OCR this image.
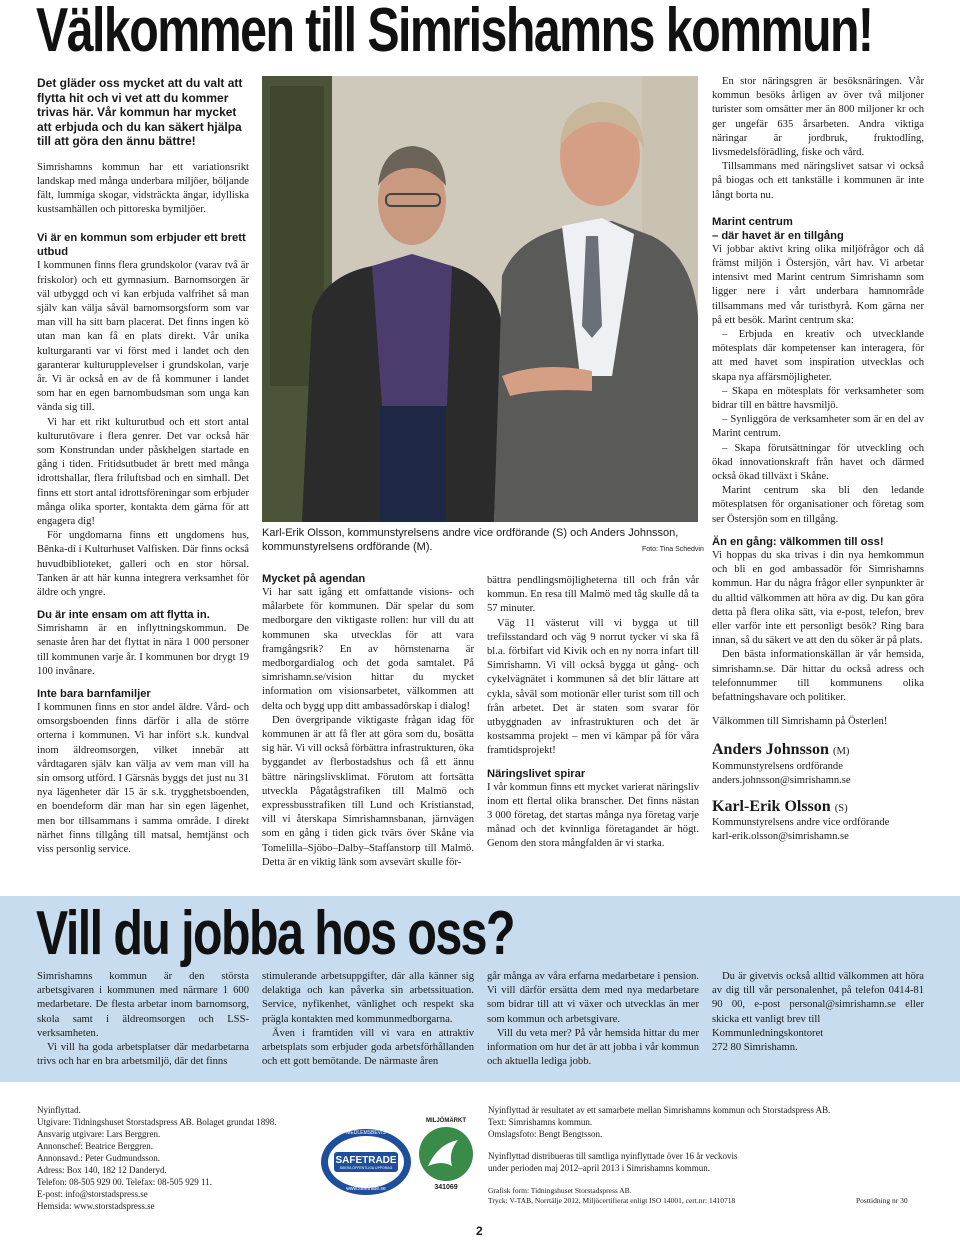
Välkommen till Simrishamns kommun!
Det gläder oss mycket att du valt att flytta hit och vi vet att du kommer trivas här. Vår kommun har mycket att erbjuda och du kan säkert hjälpa till att göra den ännu bättre!

Simrishamns kommun har ett variationsrikt landskap med många underbara miljöer, böljande fält, lummiga skogar, vidsträckta ängar, idylliska kustsamhällen och pittoreska bymiljöer.

Vi är en kommun som erbjuder ett brett utbud

I kommunen finns flera grundskolor (varav två är friskolor) och ett gymnasium. Barnomsorgen är väl utbyggd och vi kan erbjuda valfrihet så man själv kan välja såväl barnomsorgsform som var man vill ha sitt barn placerat. Det finns ingen kö utan man kan få en plats direkt. Vår unika kulturgaranti var vi först med i landet och den garanterar kulturupplevelser i grundskolan, varje år. Vi är också en av de få kommuner i landet som har en egen barnombudsman som unga kan vända sig till.

Vi har ett rikt kulturutbud och ett stort antal kulturutövare i flera genrer. Det var också här som Konstrundan under påskhelgen startade en gång i tiden. Fritidsutbudet är brett med många idrottshallar, flera friluftsbad och en simhall. Det finns ett stort antal idrottsföreningar som erbjuder många olika sporter, kontakta dem gärna för att engagera dig!

För ungdomarna finns ett ungdomens hus, Bênka-dí i Kulturhuset Valfisken. Där finns också huvudbiblioteket, galleri och en stor hörsal. Tanken är att här kunna integrera verksamhet för äldre och yngre.

Du är inte ensam om att flytta in.

Simrishamn är en inflyttningskommun. De senaste åren har det flyttat in nära 1 000 personer till kommunen varje år. I kommunen bor drygt 19 100 invånare.

Inte bara barnfamiljer

I kommunen finns en stor andel äldre. Vård- och omsorgsboenden finns därför i alla de större orterna i kommunen. Vi har infört s.k. kundval inom äldreomsorgen, vilket innebär att vårdtagaren själv kan välja av vem man vill ha sin omsorg utförd. I Gärsnäs byggs det just nu 31 nya lägenheter där 15 är s.k. trygghetsboenden, en boendeform där man har sin egen lägenhet, men bor tillsammans i samma område. I direkt närhet finns tillgång till matsal, hemtjänst och viss personlig service.

Karl-Erik Olsson, kommunstyrelsens andre vice ordförande (S) och Anders Johnsson, kommunstyrelsens ordförande (M).	Foto: Tina Schedvin
Mycket på agendan

Vi har satt igång ett omfattande visions- och målarbete för kommunen. Där spelar du som medborgare den viktigaste rollen: hur vill du att kommunen ska utvecklas för att vara framgångsrik? En av hörnstenarna är medborgardialog och det goda samtalet. På simrishamn.se/vision hittar du mycket information om visionsarbetet, välkommen att delta och bygg upp ditt ambassadörskap i dialog!

Den övergripande viktigaste frågan idag för kommunen är att få fler att göra som du, bosätta sig här. Vi vill också förbättra infrastrukturen, öka byggandet av flerbostadshus och få ett ännu bättre näringslivsklimat. Förutom att fortsätta utveckla Pågatågstrafiken till Malmö och expressbusstrafiken till Lund och Kristianstad, vill vi återskapa Simrishamnsbanan, järnvägen som en gång i tiden gick tvärs över Skåne via Tomelilla–Sjöbo–Dalby–Staffanstorp till Malmö. Detta är en viktig länk som avsevärt skulle för-

bättra pendlingsmöjligheterna till och från vår kommun. En resa till Malmö med tåg skulle då ta 57 minuter.

Väg 11 västerut vill vi bygga ut till trefilsstandard och väg 9 norrut tycker vi ska få bl.a. förbifart vid Kivik och en ny norra infart till Simrishamn. Vi vill också bygga ut gång- och cykelvägnätet i kommunen så det blir lättare att cykla, såväl som motionär eller turist som till och från arbetet. Det är staten som svarar för utbyggnaden av infrastrukturen och det är kostsamma projekt – men vi kämpar på för våra framtidsprojekt!

Näringslivet spirar

I vår kommun finns ett mycket varierat näringsliv inom ett flertal olika branscher. Det finns nästan 3 000 företag, det startas många nya företag varje månad och det kvinnliga företagandet är högt. Genom den stora mångfalden är vi starka.

En stor näringsgren är besöksnäringen. Vår kommun besöks årligen av över två miljoner turister som omsätter mer än 800 miljoner kr och ger ungefär 635 årsarbeten. Andra viktiga näringar är jordbruk, fruktodling, livsmedelsförädling, fiske och vård.

Tillsammans med näringslivet satsar vi också på biogas och ett tankställe i kommunen är inte långt borta nu.

Marint centrum
– där havet är en tillgång

Vi jobbar aktivt kring olika miljöfrågor och då främst miljön i Östersjön, vårt hav. Vi arbetar intensivt med Marint centrum Simrishamn som ligger nere i vårt underbara hamnområde tillsammans med vår turistbyrå. Kom gärna ner på ett besök. Marint centrum ska:

– Erbjuda en kreativ och utvecklande mötesplats där kompetenser kan interagera, för att med havet som inspiration utvecklas och skapa nya affärsmöjligheter.

– Skapa en mötesplats för verksamheter som bidrar till en bättre havsmiljö.

– Synliggöra de verksamheter som är en del av Marint centrum.

– Skapa förutsättningar för utveckling och ökad innovationskraft från havet och därmed också ökad tillväxt i Skåne.

Marint centrum ska bli den ledande mötesplatsen för organisationer och företag som ser Östersjön som en tillgång.

Än en gång: välkommen till oss!

Vi hoppas du ska trivas i din nya hemkommun och bli en god ambassadör för Simrishamns kommun. Har du några frågor eller synpunkter är du alltid välkommen att höra av dig. Du kan göra detta på flera olika sätt, via e-post, telefon, brev eller varför inte ett personligt besök? Ring bara innan, så du säkert ve att den du söker är på plats.

Den bästa informationskällan är vår hemsida, simrishamn.se. Där hittar du också adress och telefonnummer till kommunens olika befattningshavare och politiker.

Välkommen till Simrishamn på Österlen!

Anders Johnsson (M)
Kommunstyrelsens ordförande
anders.johnsson@simrishamn.se
Karl-Erik Olsson (S)
Kommunstyrelsens andre vice ordförande
karl-erik.olsson@simrishamn.se
Vill du jobba hos oss?

Simrishamns kommun är den största arbetsgivaren i kommunen med närmare 1 600 medarbetare. De flesta arbetar inom barnomsorg, skola samt i äldreomsorgen och LSS-verksamheten.

Vi vill ha goda arbetsplatser där medarbetarna trivs och har en bra arbetsmiljö, där det finns

stimulerande arbetsuppgifter, där alla känner sig delaktiga och kan påverka sin arbetssituation. Service, nyfikenhet, vänlighet och respekt ska prägla kontakten med kommunmedborgarna.

Även i framtiden vill vi vara en attraktiv arbetsplats som erbjuder goda arbetsförhållanden och ett gott bemötande. De närmaste åren

går många av våra erfarna medarbetare i pension. Vi vill därför ersätta dem med nya medarbetare som bidrar till att vi växer och utvecklas än mer som kommun och arbetsgivare.

Vill du veta mer? På vår hemsida hittar du mer information om hur det är att jobba i vår kommun och aktuella lediga jobb.

Du är givetvis också alltid välkommen att höra av dig till vår personalenhet, på telefon 0414-81 90 00, e-post personal@simrishamn.se eller skicka ett vanligt brev till

Kommunledningskontoret

272 80 Simrishamn.

Nyinflyttad.
Utgivare: Tidningshuset Storstadspress AB. Bolaget grundat 1898.
Ansvarig utgivare: Lars Berggren.
Annonschef: Beatrice Berggren.
Annonsavd.: Peter Gudmundsson.
Adress: Box 140, 182 12 Danderyd.
Telefon: 08-505 929 00. Telefax: 08-505 929 11.
E-post: info@storstadspress.se
Hemsida: www.storstadspress.se
MEDLEMSBEVIS
SAFETRADE
SÄKRA OFFENTLIGA UPPDRAG
www.safetrade.se
MILJÖMÄRKT
341069
Nyinflyttad är resultatet av ett samarbete mellan Simrishamns kommun och Storstadspress AB.
Text: Simrishamns kommun.
Omslagsfoto: Bengt Bengtsson.
Nyinflyttad distribueras till samtliga nyinflyttade över 16 år veckovis
under perioden maj 2012–april 2013 i Simrishamns kommun.
Grafisk form: Tidningshuset Storstadspress AB.
Tryck: V-TAB, Norrtälje 2012, Miljöcertifierat enligt ISO 14001, cert.nr: 1410718	Posttidning nr 30
2
